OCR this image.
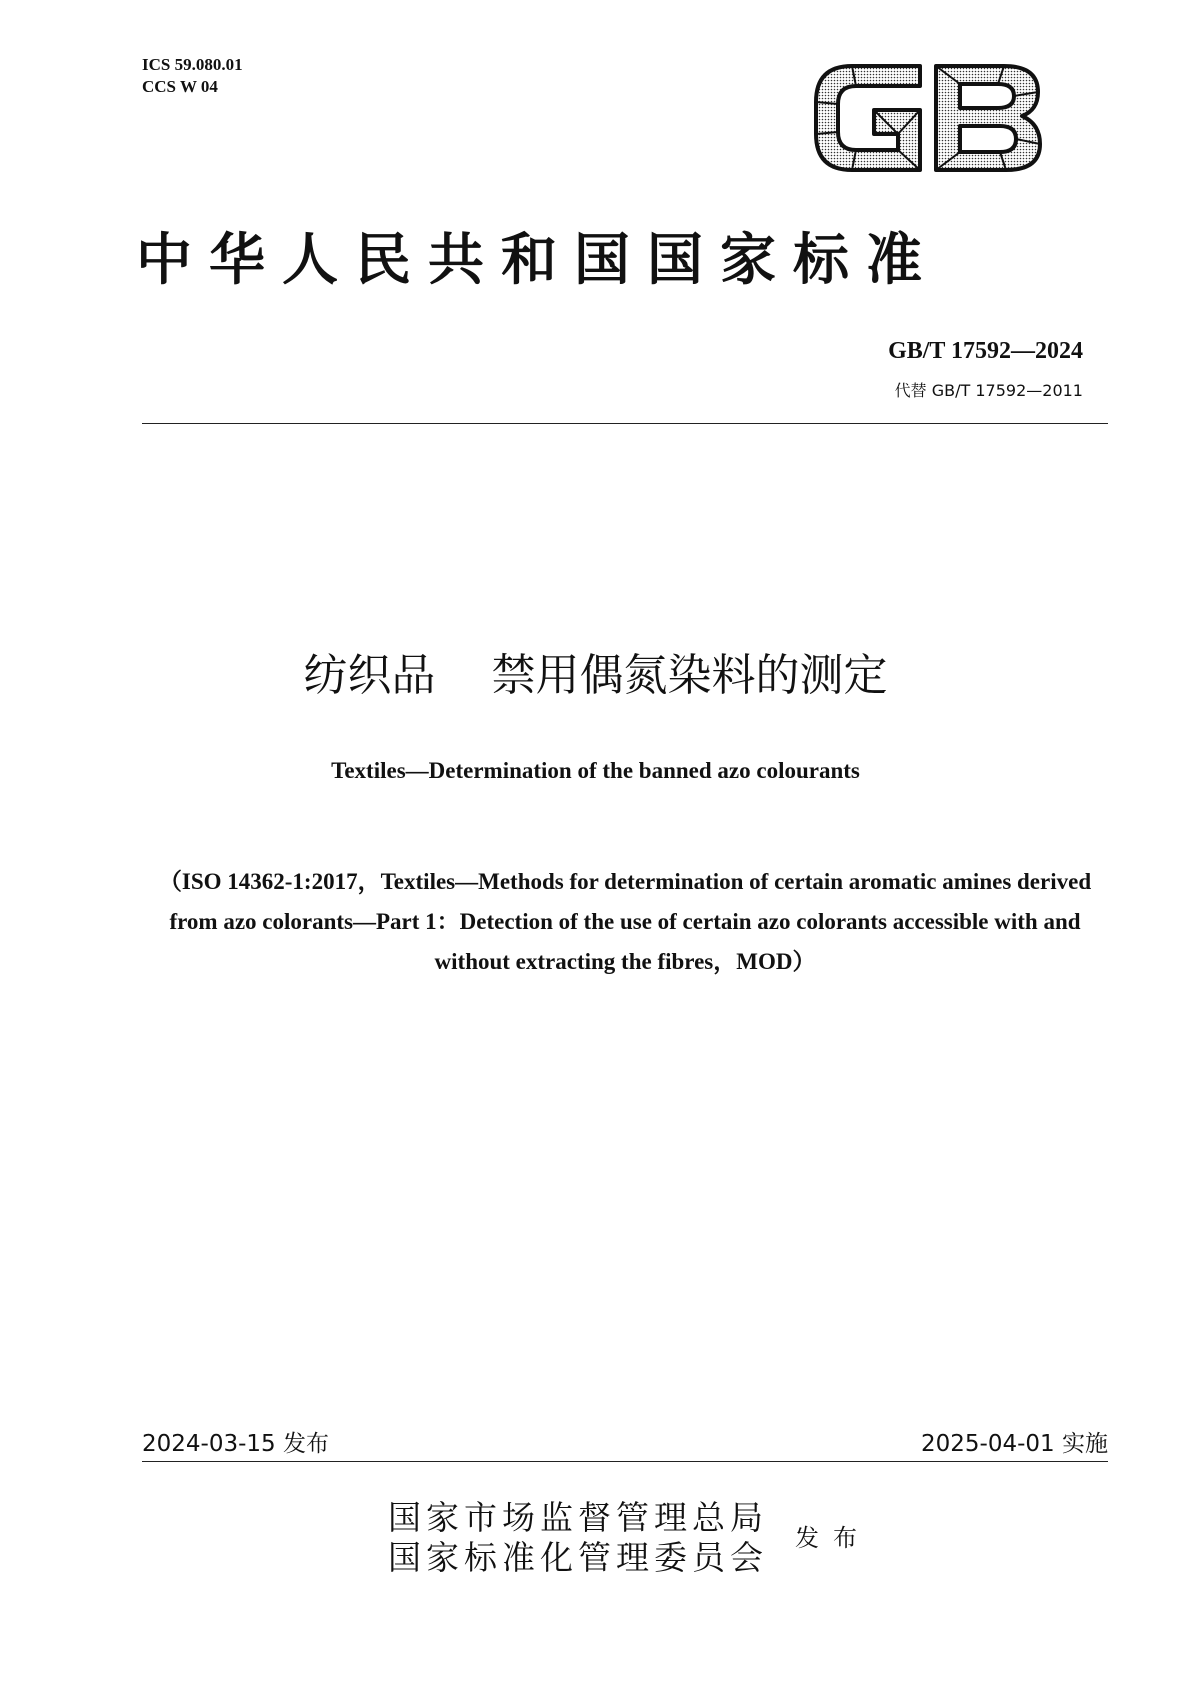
ICS 59.080.01
CCS W 04
中华人民共和国国家标准
GB/T 17592—2024
代替 GB/T 17592—2011
纺织品    禁用偶氮染料的测定
Textiles—Determination of the banned azo colourants
（ISO 14362-1:2017，Textiles—Methods for determination of certain aromatic amines derived from azo colorants—Part 1：Detection of the use of certain azo colorants accessible with and without extracting the fibres，MOD）
2024-03-15 发布	2025-04-01 实施
国家市场监督管理总局
国家标准化管理委员会 发布
